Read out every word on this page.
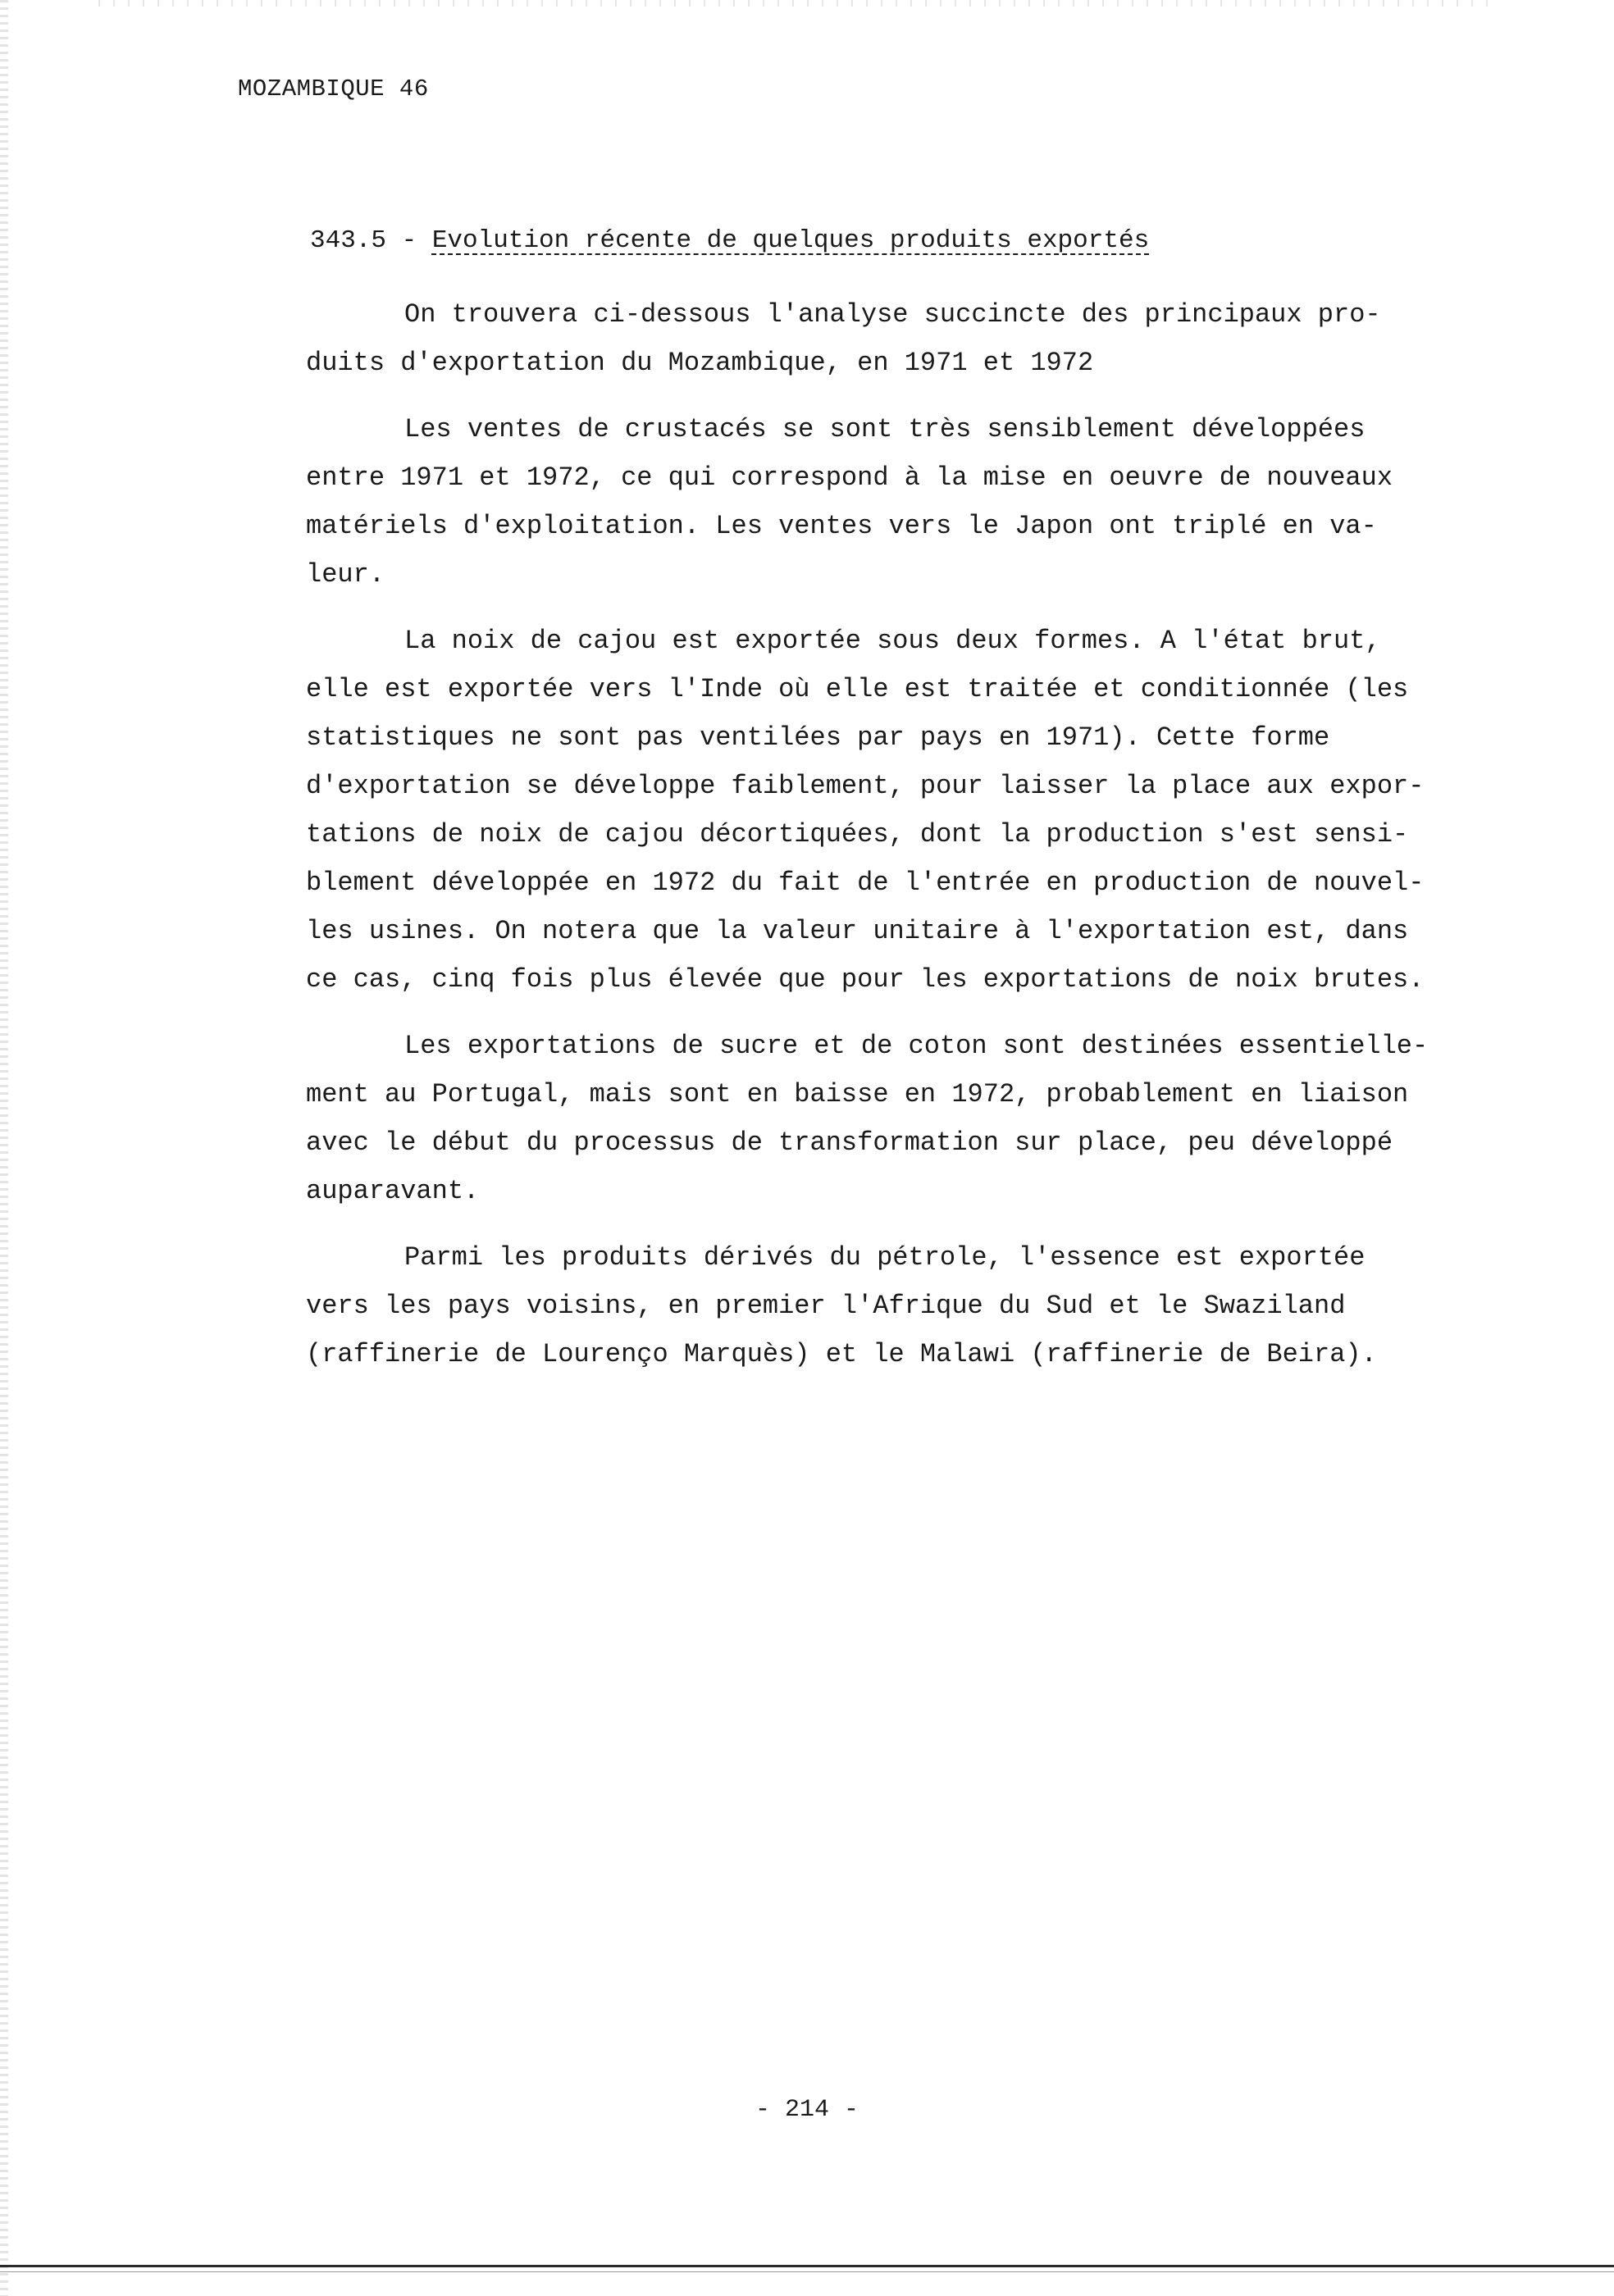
MOZAMBIQUE 46
343.5 - Evolution récente de quelques produits exportés
On trouvera ci-dessous l'analyse succincte des principaux pro-
duits d'exportation du Mozambique, en 1971 et 1972
Les ventes de crustacés se sont très sensiblement développées
entre 1971 et 1972, ce qui correspond à la mise en oeuvre de nouveaux
matériels d'exploitation. Les ventes vers le Japon ont triplé en va-
leur.
La noix de cajou est exportée sous deux formes. A l'état brut,
elle est exportée vers l'Inde où elle est traitée et conditionnée (les
statistiques ne sont pas ventilées par pays en 1971). Cette forme
d'exportation se développe faiblement, pour laisser la place aux expor-
tations de noix de cajou décortiquées, dont la production s'est sensi-
blement développée en 1972 du fait de l'entrée en production de nouvel-
les usines. On notera que la valeur unitaire à l'exportation est, dans
ce cas, cinq fois plus élevée que pour les exportations de noix brutes.
Les exportations de sucre et de coton sont destinées essentielle-
ment au Portugal, mais sont en baisse en 1972, probablement en liaison
avec le début du processus de transformation sur place, peu développé
auparavant.
Parmi les produits dérivés du pétrole, l'essence est exportée
vers les pays voisins, en premier l'Afrique du Sud et le Swaziland
(raffinerie de Lourenço Marquès) et le Malawi (raffinerie de Beira).
- 214 -
